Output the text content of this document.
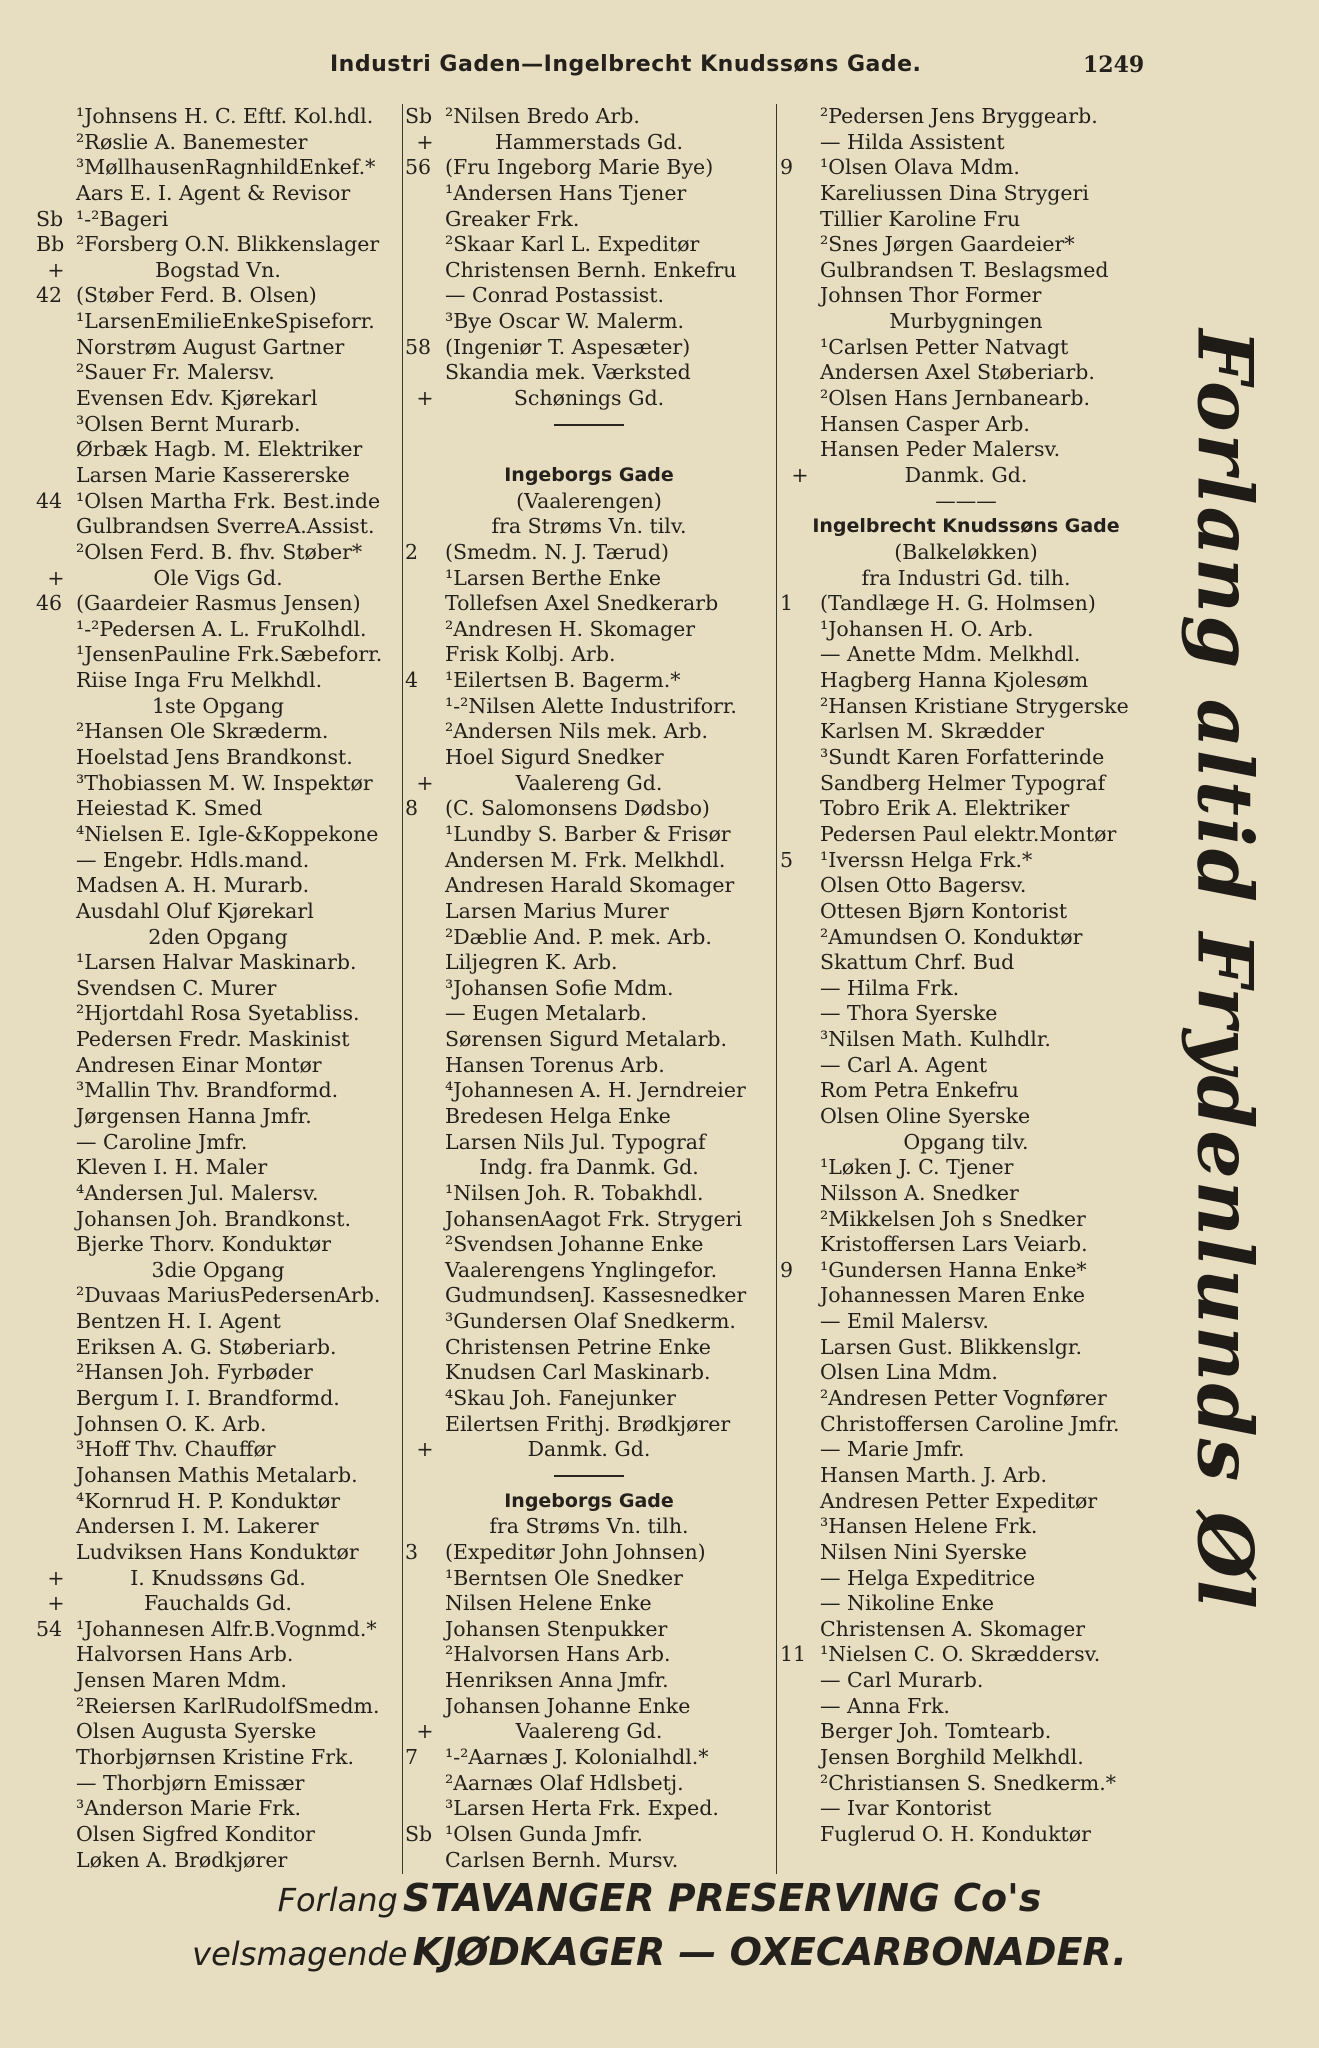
Industri Gaden—Ingelbrecht Knudssøns Gade.	1249
¹Johnsens H. C. Eftf. Kol.hdl.
²Røslie A. Banemester
³MøllhausenRagnhildEnkef.*
Aars E. I. Agent & Revisor
Sb ¹-²Bageri
Bb ²Forsberg O.N. Blikkenslager
+	Bogstad Vn.
42 (Støber Ferd. B. Olsen)
¹LarsenEmilieEnkeSpiseforr.
Norstrøm August Gartner
²Sauer Fr. Malersv.
Evensen Edv. Kjørekarl
³Olsen Bernt Murarb.
Ørbæk Hagb. M. Elektriker
Larsen Marie Kassererske
44 ¹Olsen Martha Frk. Best.inde
Gulbrandsen SverreA.Assist.
²Olsen Ferd. B. fhv. Støber*
+	Ole Vigs Gd.
46 (Gaardeier Rasmus Jensen)
¹-²Pedersen A. L. FruKolhdl.
¹JensenPauline Frk.Sæbeforr.
Riise Inga Fru Melkhdl.
1ste Opgang
²Hansen Ole Skræderm.
Hoelstad Jens Brandkonst.
³Thobiassen M. W. Inspektør
Heiestad K. Smed
⁴Nielsen E. Igle-&Koppekone
— Engebr. Hdls.mand.
Madsen A. H. Murarb.
Ausdahl Oluf Kjørekarl
2den Opgang
¹Larsen Halvar Maskinarb.
Svendsen C. Murer
²Hjortdahl Rosa Syetabliss.
Pedersen Fredr. Maskinist
Andresen Einar Montør
³Mallin Thv. Brandformd.
Jørgensen Hanna Jmfr.
— Caroline Jmfr.
Kleven I. H. Maler
⁴Andersen Jul. Malersv.
Johansen Joh. Brandkonst.
Bjerke Thorv. Konduktør
3die Opgang
²Duvaas MariusPedersenArb.
Bentzen H. I. Agent
Eriksen A. G. Støberiarb.
²Hansen Joh. Fyrbøder
Bergum I. I. Brandformd.
Johnsen O. K. Arb.
³Hoff Thv. Chauffør
Johansen Mathis Metalarb.
⁴Kornrud H. P. Konduktør
Andersen I. M. Lakerer
Ludviksen Hans Konduktør
+	I. Knudssøns Gd.
+	Fauchalds Gd.
54 ¹Johannesen Alfr.B.Vognmd.*
Halvorsen Hans Arb.
Jensen Maren Mdm.
²Reiersen KarlRudolfSmedm.
Olsen Augusta Syerske
Thorbjørnsen Kristine Frk.
— Thorbjørn Emissær
³Anderson Marie Frk.
Olsen Sigfred Konditor
Løken A. Brødkjører
Sb ²Nilsen Bredo Arb.
+	Hammerstads Gd.
56 (Fru Ingeborg Marie Bye)
¹Andersen Hans Tjener
Greaker Frk.
²Skaar Karl L. Expeditør
Christensen Bernh. Enkefru
— Conrad Postassist.
³Bye Oscar W. Malerm.
58 (Ingeniør T. Aspesæter)
Skandia mek. Værksted
+	Schønings Gd.
Ingeborgs Gade
(Vaalerengen)
fra Strøms Vn. tilv.
2 (Smedm. N. J. Tærud)
¹Larsen Berthe Enke
Tollefsen Axel Snedkerarb
²Andresen H. Skomager
Frisk Kolbj. Arb.
4 ¹Eilertsen B. Bagerm.*
¹-²Nilsen Alette Industriforr.
²Andersen Nils mek. Arb.
Hoel Sigurd Snedker
+	Vaalereng Gd.
8 (C. Salomonsens Dødsbo)
¹Lundby S. Barber & Frisør
Andersen M. Frk. Melkhdl.
Andresen Harald Skomager
Larsen Marius Murer
²Dæblie And. P. mek. Arb.
Liljegren K. Arb.
³Johansen Sofie Mdm.
— Eugen Metalarb.
Sørensen Sigurd Metalarb.
Hansen Torenus Arb.
⁴Johannesen A. H. Jerndreier
Bredesen Helga Enke
Larsen Nils Jul. Typograf
Indg. fra Danmk. Gd.
¹Nilsen Joh. R. Tobakhdl.
JohansenAagot Frk. Strygeri
²Svendsen Johanne Enke
Vaalerengens Ynglingefor.
GudmundsenJ. Kassesnedker
³Gundersen Olaf Snedkerm.
Christensen Petrine Enke
Knudsen Carl Maskinarb.
⁴Skau Joh. Fanejunker
Eilertsen Frithj. Brødkjører
+	Danmk. Gd.
Ingeborgs Gade
fra Strøms Vn. tilh.
3 (Expeditør John Johnsen)
¹Berntsen Ole Snedker
Nilsen Helene Enke
Johansen Stenpukker
²Halvorsen Hans Arb.
Henriksen Anna Jmfr.
Johansen Johanne Enke
+	Vaalereng Gd.
7 ¹-²Aarnæs J. Kolonialhdl.*
²Aarnæs Olaf Hdlsbetj.
³Larsen Herta Frk. Exped.
Sb ¹Olsen Gunda Jmfr.
Carlsen Bernh. Mursv.
²Pedersen Jens Bryggearb.
— Hilda Assistent
9 ¹Olsen Olava Mdm.
Kareliussen Dina Strygeri
Tillier Karoline Fru
²Snes Jørgen Gaardeier*
Gulbrandsen T. Beslagsmed
Johnsen Thor Former
Murbygningen
¹Carlsen Petter Natvagt
Andersen Axel Støberiarb.
²Olsen Hans Jernbanearb.
Hansen Casper Arb.
Hansen Peder Malersv.
+	Danmk. Gd.
———
Ingelbrecht Knudssøns Gade
(Balkeløkken)
fra Industri Gd. tilh.
1 (Tandlæge H. G. Holmsen)
¹Johansen H. O. Arb.
— Anette Mdm. Melkhdl.
Hagberg Hanna Kjolesøm
²Hansen Kristiane Strygerske
Karlsen M. Skrædder
³Sundt Karen Forfatterinde
Sandberg Helmer Typograf
Tobro Erik A. Elektriker
Pedersen Paul elektr.Montør
5 ¹Iverssn Helga Frk.*
Olsen Otto Bagersv.
Ottesen Bjørn Kontorist
²Amundsen O. Konduktør
Skattum Chrf. Bud
— Hilma Frk.
— Thora Syerske
³Nilsen Math. Kulhdlr.
— Carl A. Agent
Rom Petra Enkefru
Olsen Oline Syerske
Opgang tilv.
¹Løken J. C. Tjener
Nilsson A. Snedker
²Mikkelsen Joh s Snedker
Kristoffersen Lars Veiarb.
9 ¹Gundersen Hanna Enke*
Johannessen Maren Enke
— Emil Malersv.
Larsen Gust. Blikkenslgr.
Olsen Lina Mdm.
²Andresen Petter Vognfører
Christoffersen Caroline Jmfr.
— Marie Jmfr.
Hansen Marth. J. Arb.
Andresen Petter Expeditør
³Hansen Helene Frk.
Nilsen Nini Syerske
— Helga Expeditrice
— Nikoline Enke
Christensen A. Skomager
11 ¹Nielsen C. O. Skræddersv.
— Carl Murarb.
— Anna Frk.
Berger Joh. Tomtearb.
Jensen Borghild Melkhdl.
²Christiansen S. Snedkerm.*
— Ivar Kontorist
Fuglerud O. H. Konduktør
Forlang altid Frydenlunds Øl
Forlang STAVANGER PRESERVING Co's
velsmagende KJØDKAGER — OXECARBONADER.
